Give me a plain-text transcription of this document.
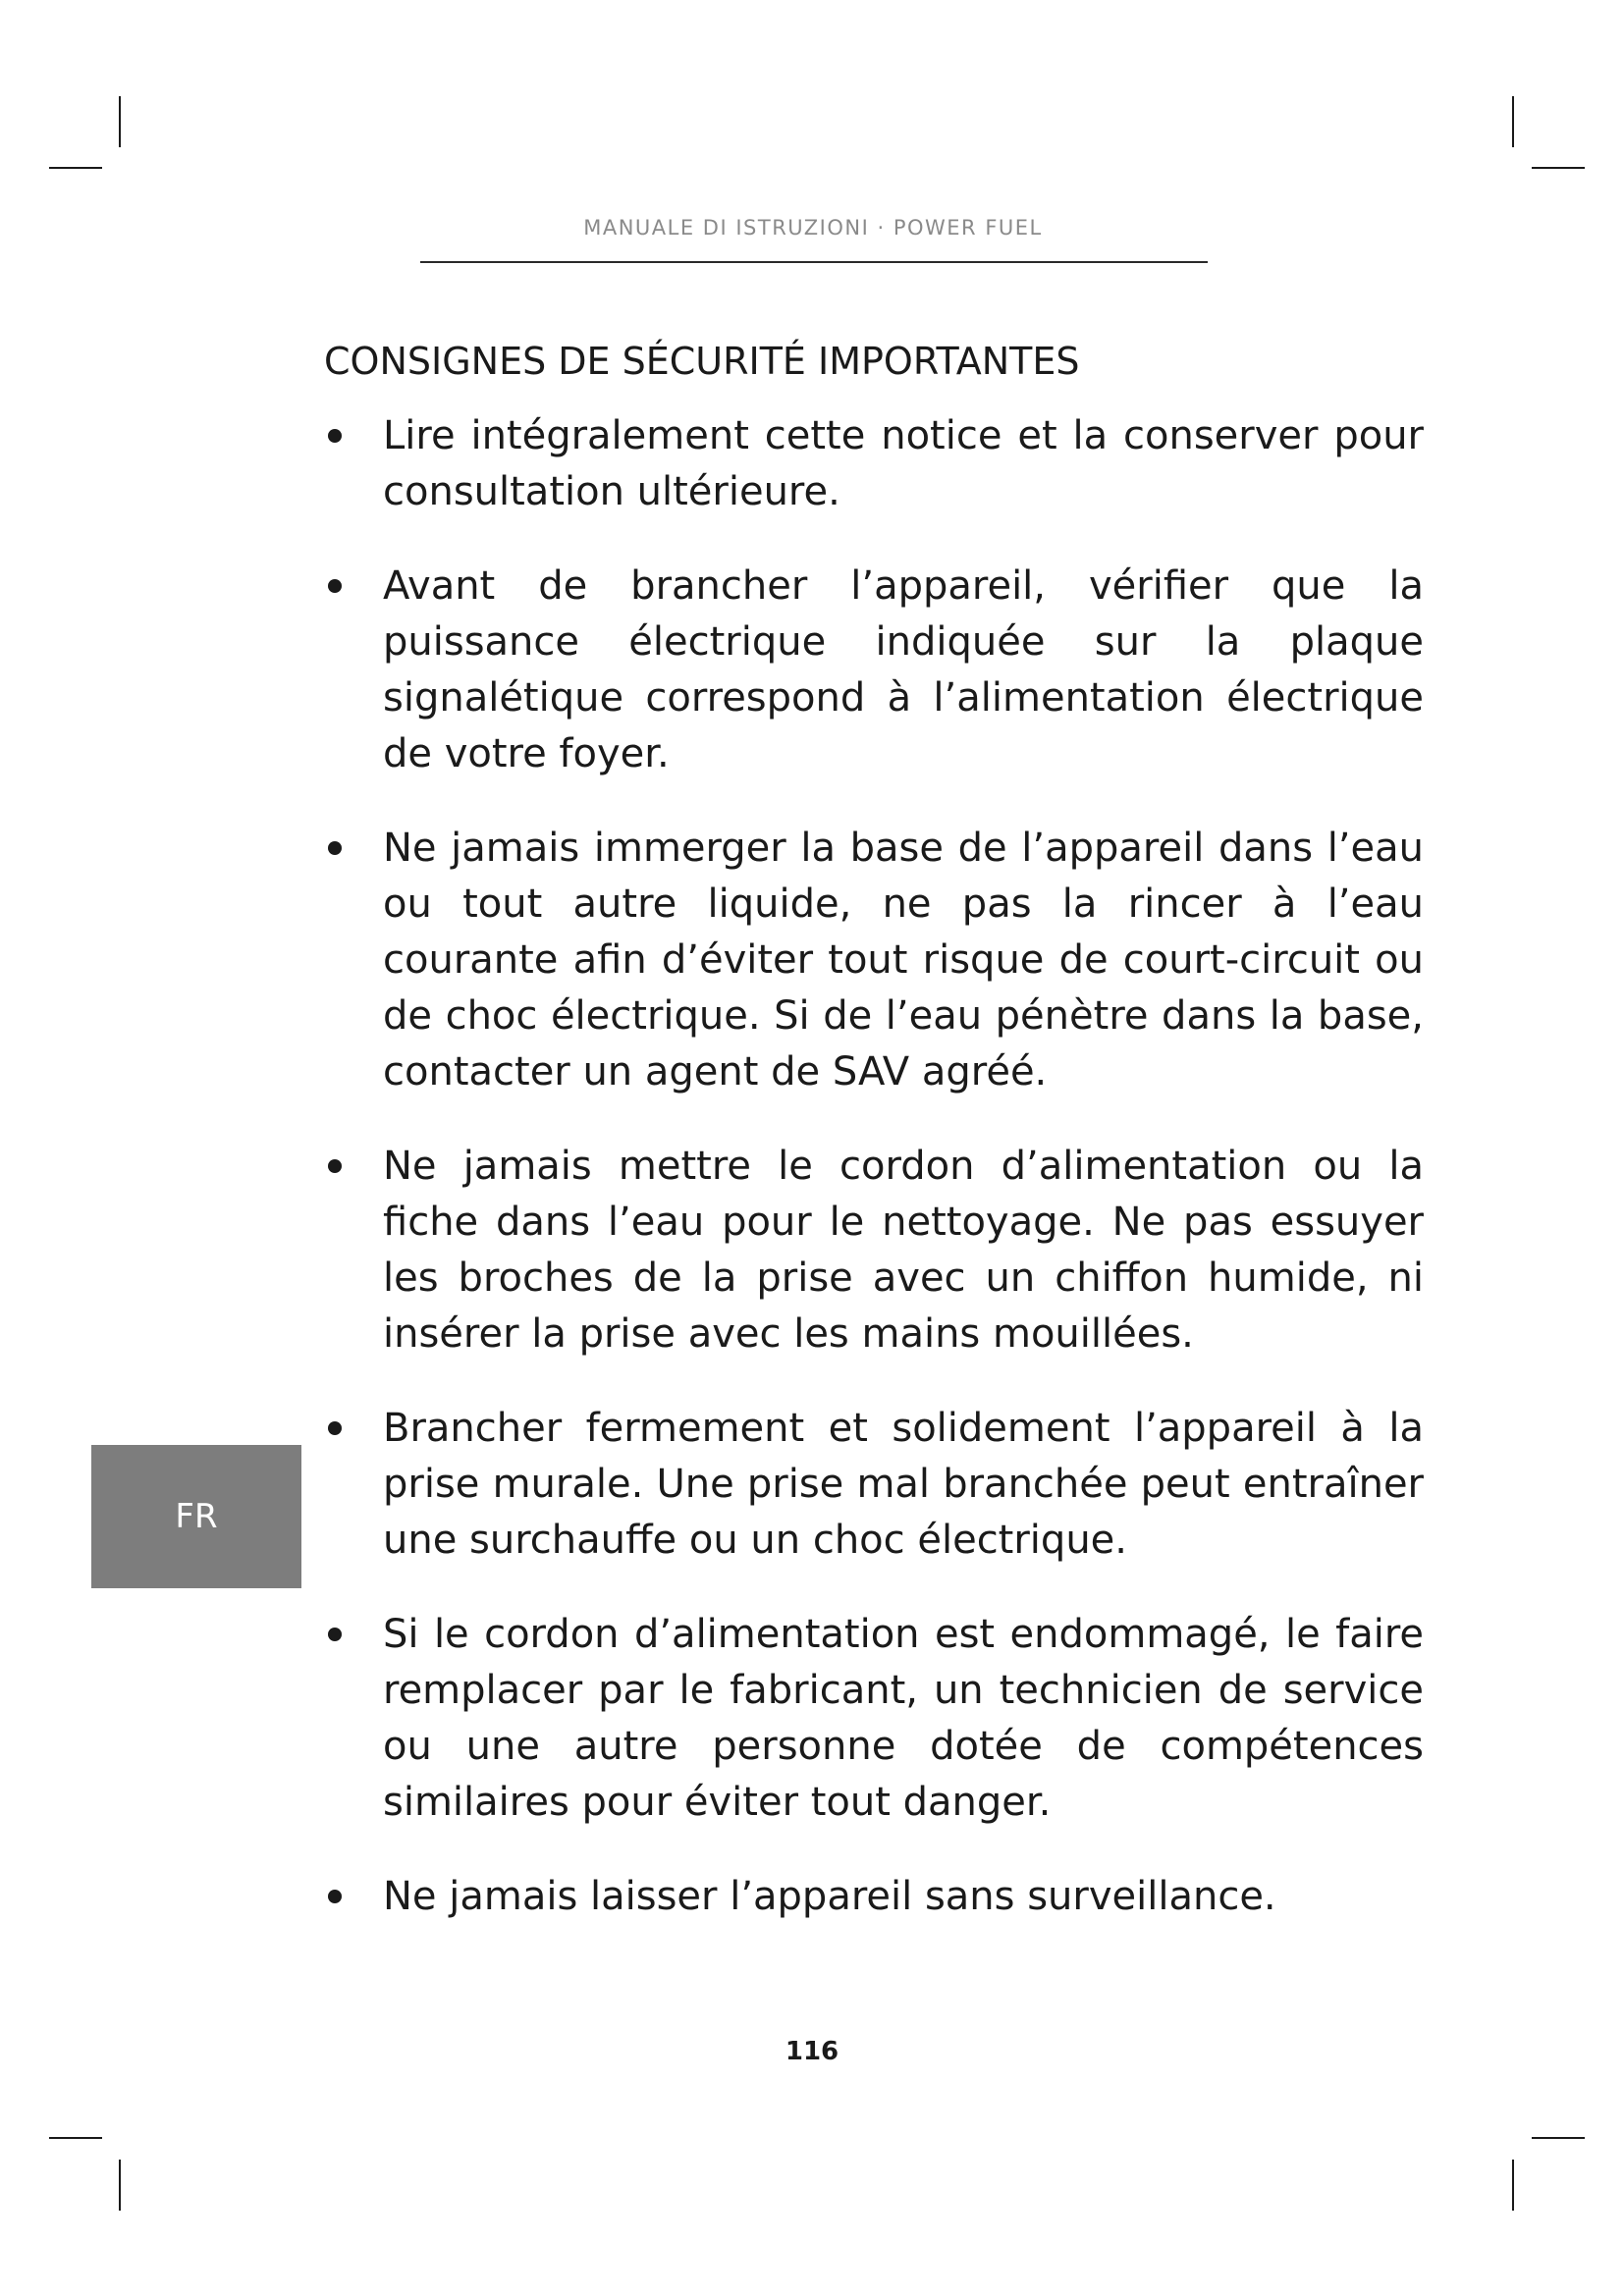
MANUALE DI ISTRUZIONI · POWER FUEL
CONSIGNES DE SÉCURITÉ IMPORTANTES
Lire intégralement cette notice et la conserver pour consultation ultérieure.
Avant de brancher l’appareil, vérifier que la puissance électrique indiquée sur la plaque signalétique correspond à l’alimentation électrique de votre foyer.
Ne jamais immerger la base de l’appareil dans l’eau ou tout autre liquide, ne pas la rincer à l’eau courante afin d’éviter tout risque de court-circuit ou de choc électrique. Si de l’eau pénètre dans la base, contacter un agent de SAV agréé.
Ne jamais mettre le cordon d’alimentation ou la fiche dans l’eau pour le nettoyage. Ne pas essuyer les broches de la prise avec un chiffon humide, ni insérer la prise avec les mains mouillées.
Brancher fermement et solidement l’appareil à la prise murale. Une prise mal branchée peut entraîner une surchauffe ou un choc électrique.
Si le cordon d’alimentation est endommagé, le faire remplacer par le fabricant, un technicien de service ou une autre personne dotée de compétences similaires pour éviter tout danger.
Ne jamais laisser l’appareil sans surveillance.
FR
116
